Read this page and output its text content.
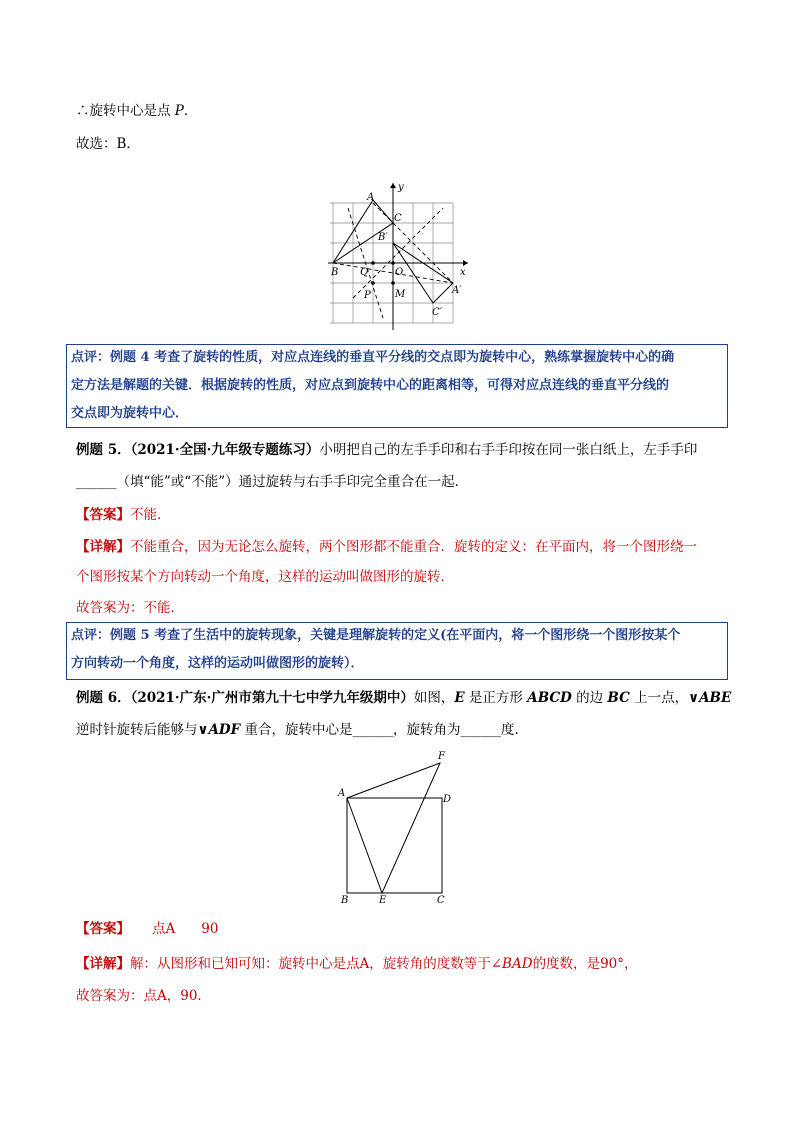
∴旋转中心是点 P．
故选：B．
y
x
A
C
B′
B Q	O
A′
P M
C′
点评：例题 4 考查了旋转的性质，对应点连线的垂直平分线的交点即为旋转中心，熟练掌握旋转中心的确
定方法是解题的关键．根据旋转的性质，对应点到旋转中心的距离相等，可得对应点连线的垂直平分线的
交点即为旋转中心．
例题 5．（2021·全国·九年级专题练习）小明把自己的左手手印和右手手印按在同一张白纸上，左手手印
______（填“能”或“不能”）通过旋转与右手手印完全重合在一起．
【答案】不能．
【详解】不能重合，因为无论怎么旋转，两个图形都不能重合．旋转的定义：在平面内，将一个图形绕一
个图形按某个方向转动一个角度，这样的运动叫做图形的旋转．
故答案为：不能．
点评：例题 5 考查了生活中的旋转现象，关键是理解旋转的定义(在平面内，将一个图形绕一个图形按某个
方向转动一个角度，这样的运动叫做图形的旋转）．
例题 6．（2021·广东·广州市第九十七中学九年级期中）如图，E 是正方形 ABCD 的边 BC 上一点，∨ABE
逆时针旋转后能够与∨ADF 重合，旋转中心是______，旋转角为______度.
A
D
F
B	E	C
【答案】 点A 90
【详解】解：从图形和已知可知：旋转中心是点A，旋转角的度数等于∠BAD的度数，是90°，
故答案为：点A，90．
